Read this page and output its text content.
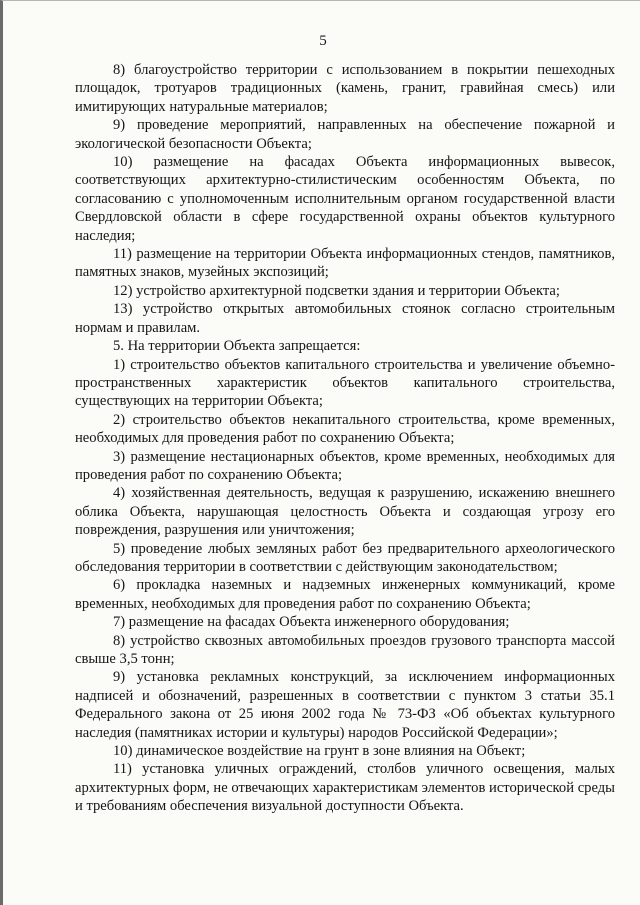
5

8) благоустройство территории с использованием в покрытии пешеходных площадок, тротуаров традиционных (камень, гранит, гравийная смесь) или имитирующих натуральные материалов;

9) проведение мероприятий, направленных на обеспечение пожарной и экологической безопасности Объекта;

10) размещение на фасадах Объекта информационных вывесок, соответствующих архитектурно-стилистическим особенностям Объекта, по согласованию с уполномоченным исполнительным органом государственной власти Свердловской области в сфере государственной охраны объектов культурного наследия;

11) размещение на территории Объекта информационных стендов, памятников, памятных знаков, музейных экспозиций;

12) устройство архитектурной подсветки здания и территории Объекта;

13) устройство открытых автомобильных стоянок согласно строительным нормам и правилам.

5. На территории Объекта запрещается:

1) строительство объектов капитального строительства и увеличение объемно-пространственных характеристик объектов капитального строительства, существующих на территории Объекта;

2) строительство объектов некапитального строительства, кроме временных, необходимых для проведения работ по сохранению Объекта;

3) размещение нестационарных объектов, кроме временных, необходимых для проведения работ по сохранению Объекта;

4) хозяйственная деятельность, ведущая к разрушению, искажению внешнего облика Объекта, нарушающая целостность Объекта и создающая угрозу его повреждения, разрушения или уничтожения;

5) проведение любых земляных работ без предварительного археологического обследования территории в соответствии с действующим законодательством;

6) прокладка наземных и надземных инженерных коммуникаций, кроме временных, необходимых для проведения работ по сохранению Объекта;

7) размещение на фасадах Объекта инженерного оборудования;

8) устройство сквозных автомобильных проездов грузового транспорта массой свыше 3,5 тонн;

9) установка рекламных конструкций, за исключением информационных надписей и обозначений, разрешенных в соответствии с пунктом 3 статьи 35.1 Федерального закона от 25 июня 2002 года № 73-ФЗ «Об объектах культурного наследия (памятниках истории и культуры) народов Российской Федерации»;

10) динамическое воздействие на грунт в зоне влияния на Объект;

11) установка уличных ограждений, столбов уличного освещения, малых архитектурных форм, не отвечающих характеристикам элементов исторической среды и требованиям обеспечения визуальной доступности Объекта.
